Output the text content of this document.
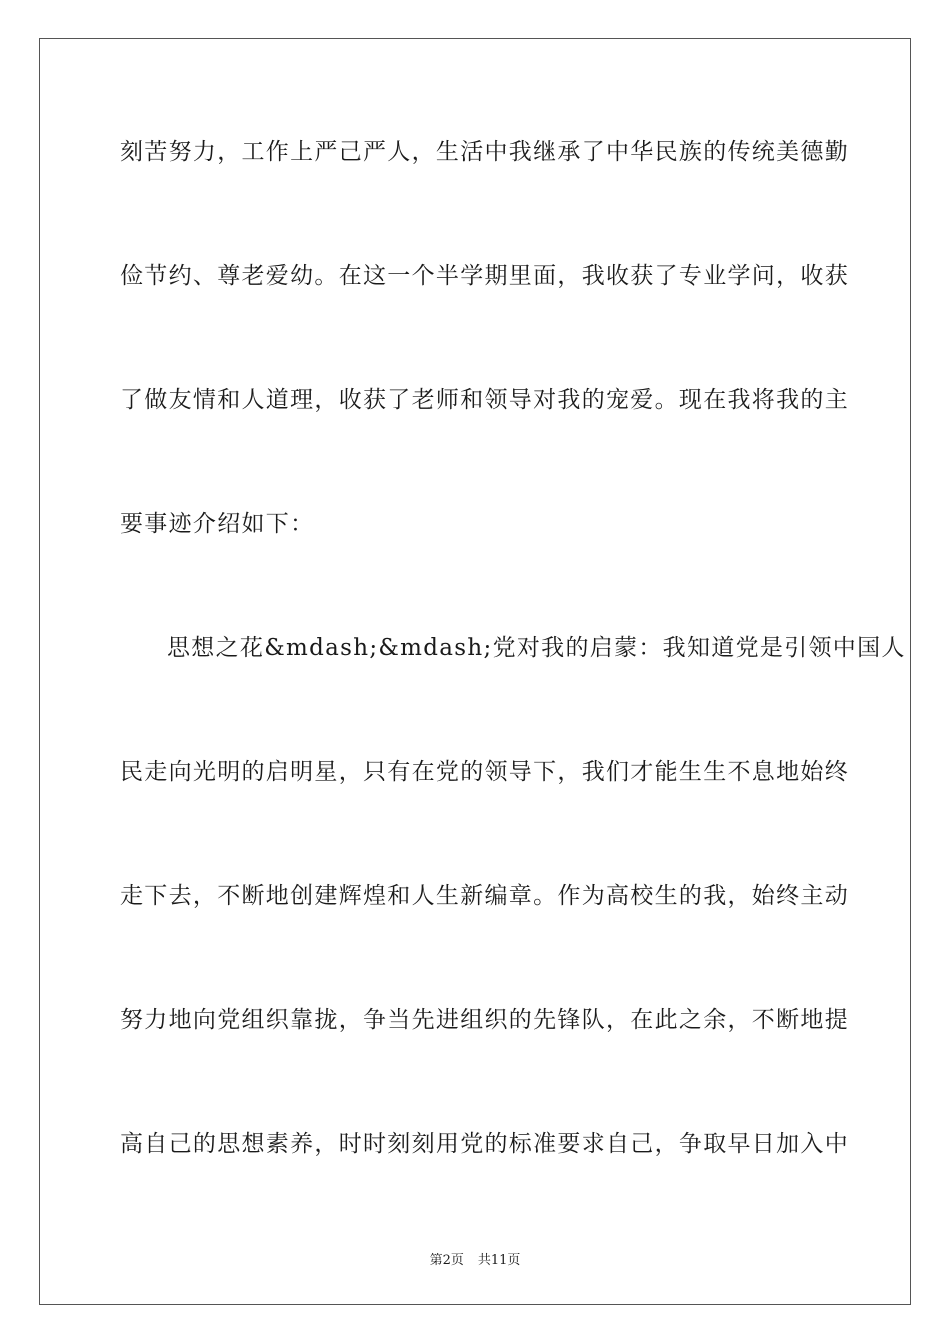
刻苦努力，工作上严己严人，生活中我继承了中华民族的传统美德勤
俭节约、尊老爱幼。在这一个半学期里面，我收获了专业学问，收获
了做友情和人道理，收获了老师和领导对我的宠爱。现在我将我的主
要事迹介绍如下：
思想之花&mdash;&mdash;党对我的启蒙：我知道党是引领中国人
民走向光明的启明星，只有在党的领导下，我们才能生生不息地始终
走下去，不断地创建辉煌和人生新编章。作为高校生的我，始终主动
努力地向党组织靠拢，争当先进组织的先锋队，在此之余，不断地提
高自己的思想素养，时时刻刻用党的标准要求自己，争取早日加入中
第2页 共11页
